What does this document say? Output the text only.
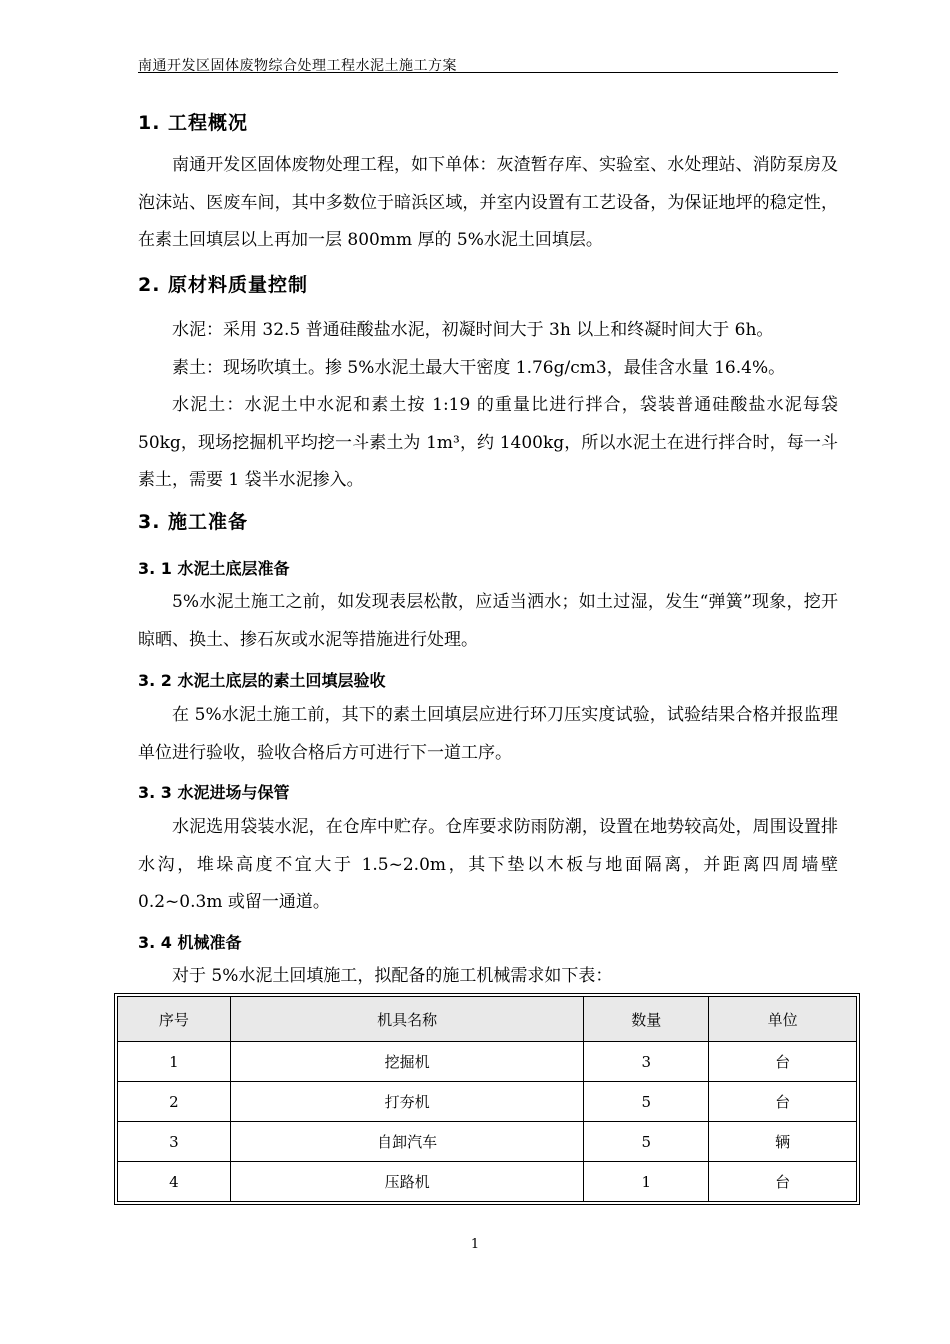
南通开发区固体废物综合处理工程水泥土施工方案
1. 工程概况

南通开发区固体废物处理工程，如下单体：灰渣暂存库、实验室、水处理站、消防泵房及泡沫站、医废车间，其中多数位于暗浜区域，并室内设置有工艺设备，为保证地坪的稳定性，在素土回填层以上再加一层 800mm 厚的 5%水泥土回填层。

2. 原材料质量控制

水泥：采用 32.5 普通硅酸盐水泥，初凝时间大于 3h 以上和终凝时间大于 6h。

素土：现场吹填土。掺 5%水泥土最大干密度 1.76g/cm3，最佳含水量 16.4%。

水泥土：水泥土中水泥和素土按 1:19 的重量比进行拌合，袋装普通硅酸盐水泥每袋 50kg，现场挖掘机平均挖一斗素土为 1m³，约 1400kg，所以水泥土在进行拌合时，每一斗素土，需要 1 袋半水泥掺入。

3. 施工准备
3. 1 水泥土底层准备

5%水泥土施工之前，如发现表层松散，应适当洒水；如土过湿，发生“弹簧”现象，挖开晾晒、换土、掺石灰或水泥等措施进行处理。

3. 2 水泥土底层的素土回填层验收

在 5%水泥土施工前，其下的素土回填层应进行环刀压实度试验，试验结果合格并报监理单位进行验收，验收合格后方可进行下一道工序。

3. 3 水泥进场与保管

水泥选用袋装水泥，在仓库中贮存。仓库要求防雨防潮，设置在地势较高处，周围设置排水沟，堆垛高度不宜大于 1.5~2.0m，其下垫以木板与地面隔离，并距离四周墙壁 0.2~0.3m 或留一通道。

3. 4 机械准备

对于 5%水泥土回填施工，拟配备的施工机械需求如下表：

序号	机具名称	数量	单位
1	挖掘机	3	台
2	打夯机	5	台
3	自卸汽车	5	辆
4	压路机	1	台
1
